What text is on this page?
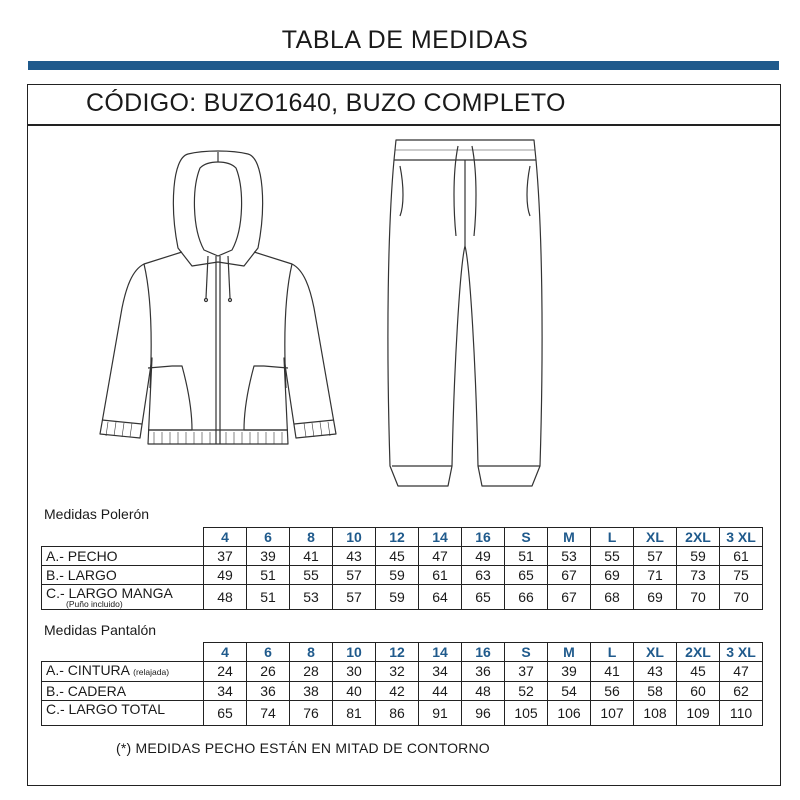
TABLA DE MEDIDAS
CÓDIGO: BUZO1640, BUZO COMPLETO
Medidas Polerón
	4	6	8	10	12	14	16	S	M	L	XL	2XL	3 XL
A.- PECHO	37	39	41	43	45	47	49	51	53	55	57	59	61
B.- LARGO	49	51	55	57	59	61	63	65	67	69	71	73	75

C.- LARGO MANGA
(Puño incluido)	48	51	53	57	59	64	65	66	67	68	69	70	70
Medidas Pantalón
	4	6	8	10	12	14	16	S	M	L	XL	2XL	3 XL
A.- CINTURA (relajada)	24	26	28	30	32	34	36	37	39	41	43	45	47
B.- CADERA	34	36	38	40	42	44	48	52	54	56	58	60	62
C.- LARGO TOTAL	65	74	76	81	86	91	96	105	106	107	108	109	110
(*) MEDIDAS PECHO ESTÁN EN MITAD DE CONTORNO
